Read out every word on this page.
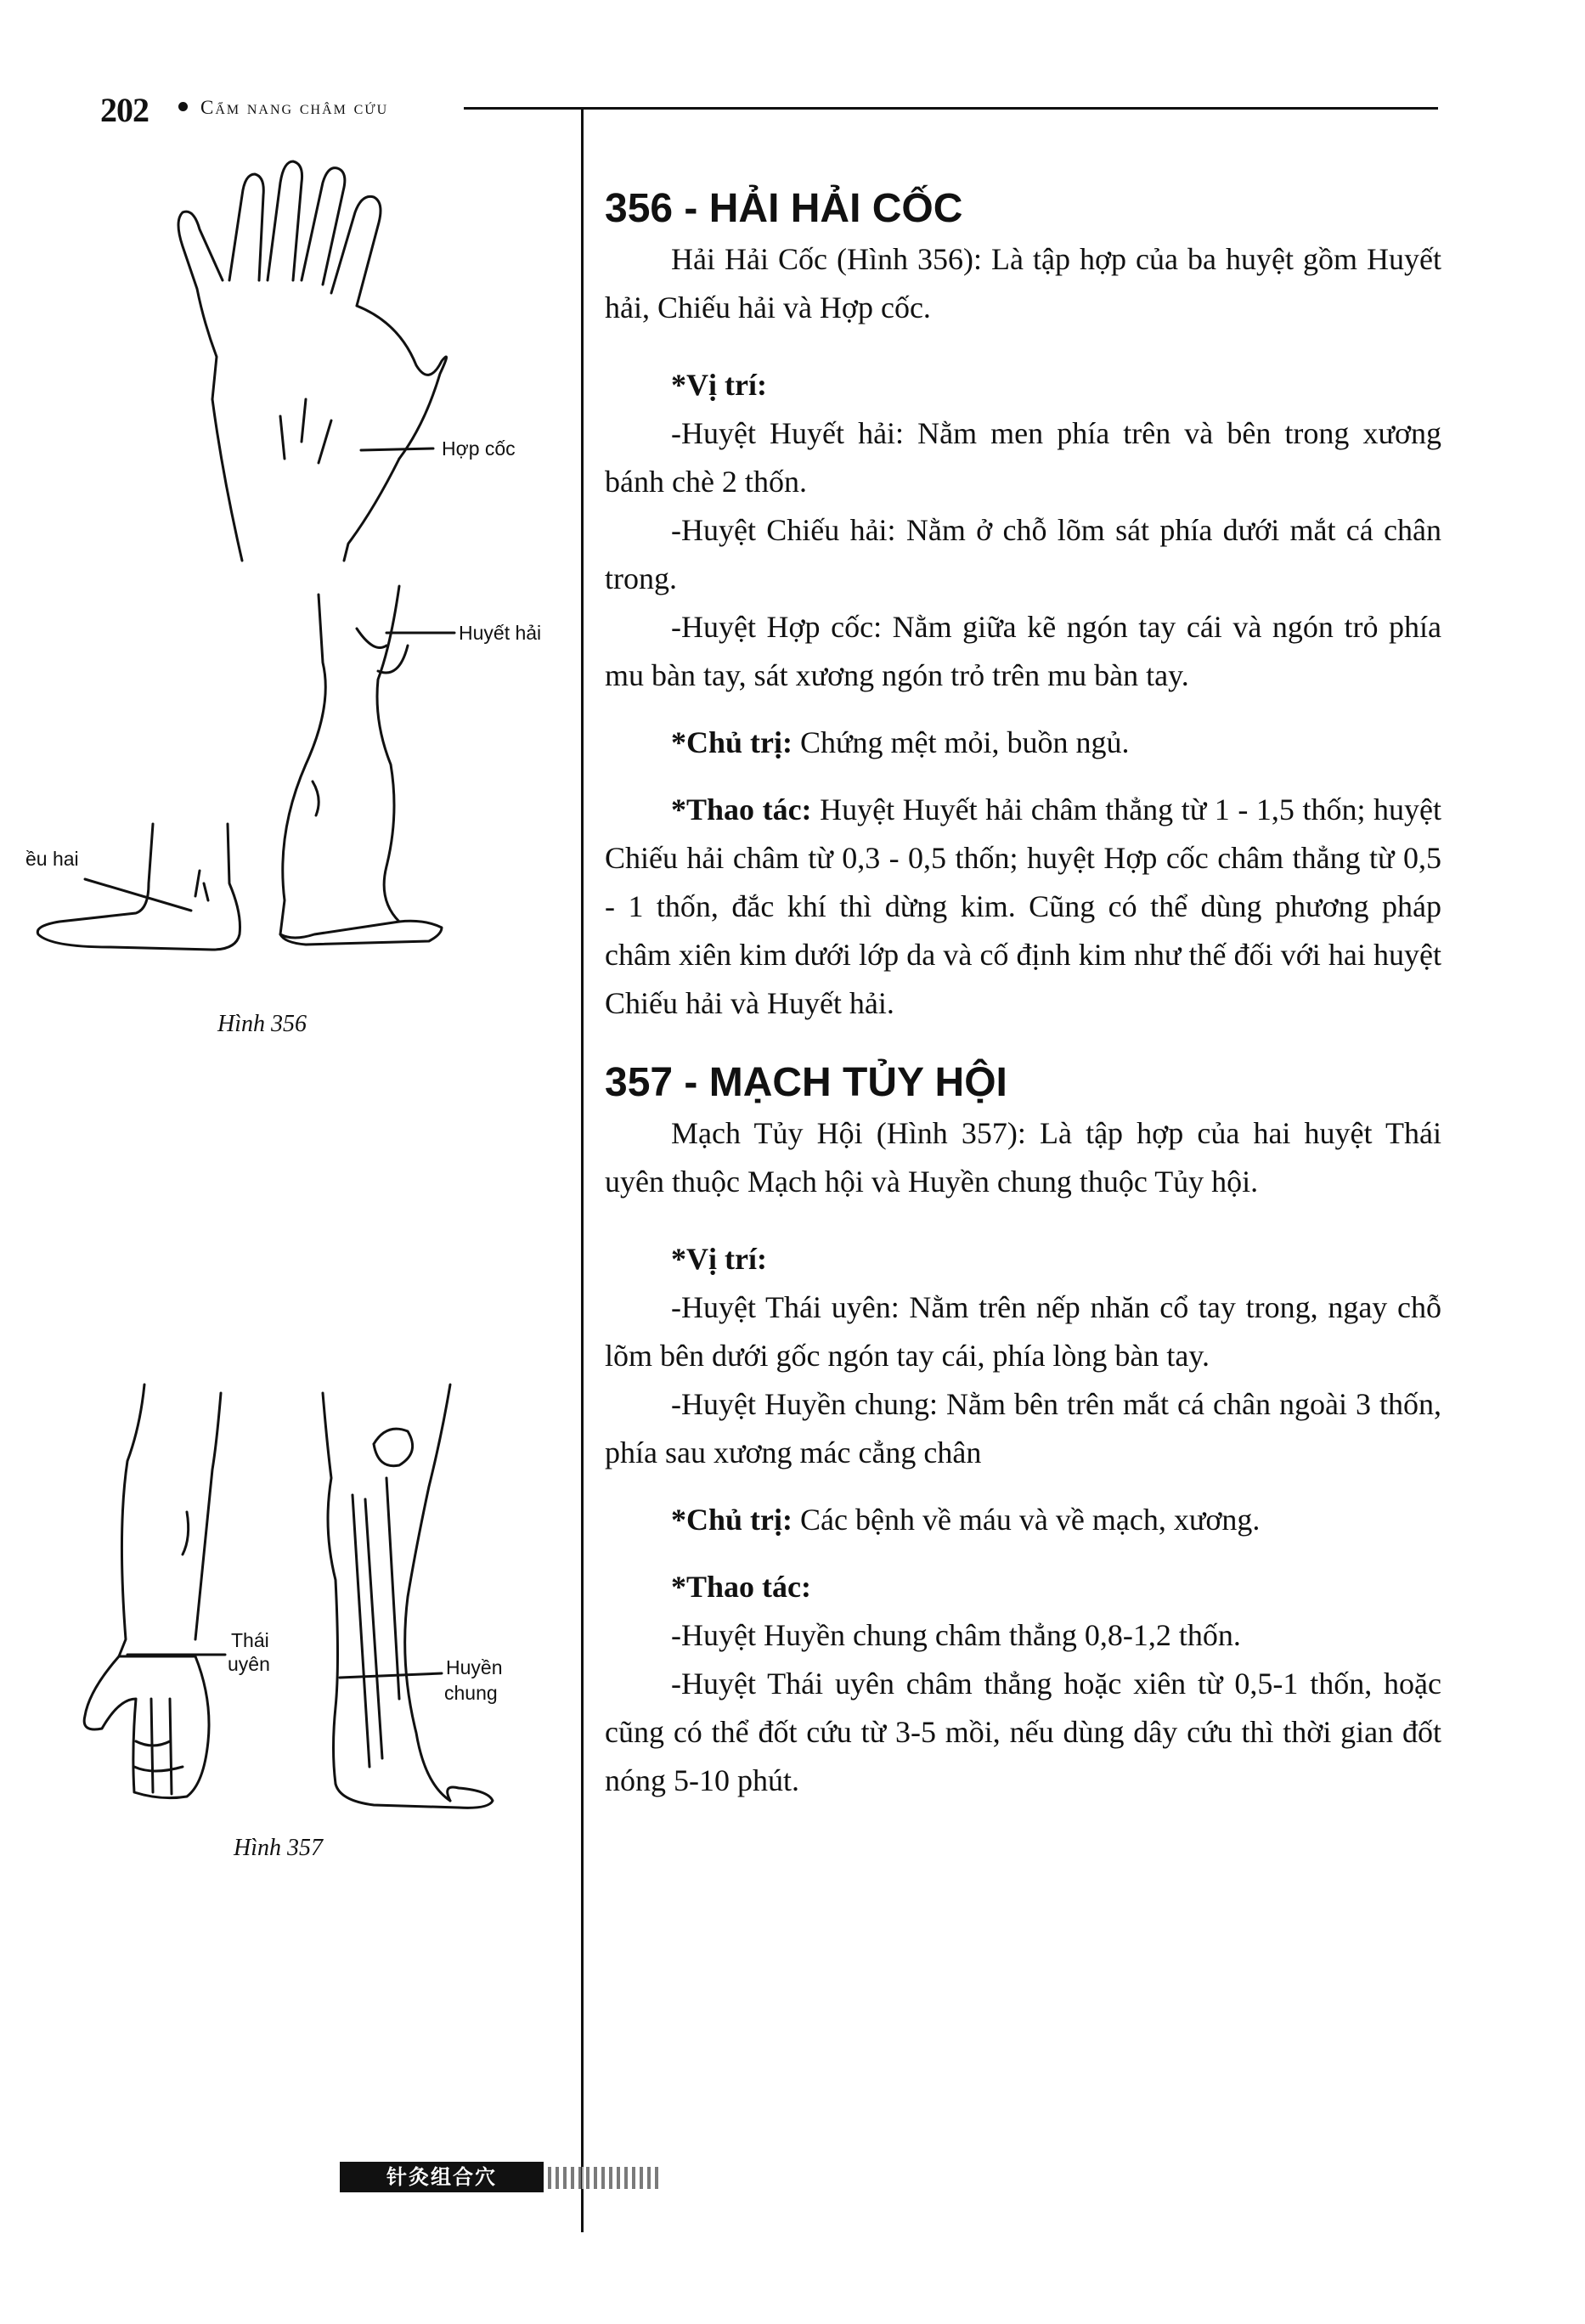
202	Cẩm nang châm cứu
Hợp cốc
Huyết hải
ều hai
Hình 356
Thái
uyên	Huyền
chung
Hình 357
356 - HẢI HẢI CỐC

Hải Hải Cốc (Hình 356): Là tập hợp của ba huyệt gồm Huyết hải, Chiếu hải và Hợp cốc.

*Vị trí:

-Huyệt Huyết hải: Nằm men phía trên và bên trong xương bánh chè 2 thốn.

-Huyệt Chiếu hải: Nằm ở chỗ lõm sát phía dưới mắt cá chân trong.

-Huyệt Hợp cốc: Nằm giữa kẽ ngón tay cái và ngón trỏ phía mu bàn tay, sát xương ngón trỏ trên mu bàn tay.

*Chủ trị: Chứng mệt mỏi, buồn ngủ.

*Thao tác: Huyệt Huyết hải châm thẳng từ 1 - 1,5 thốn; huyệt Chiếu hải châm từ 0,3 - 0,5 thốn; huyệt Hợp cốc châm thẳng từ 0,5 - 1 thốn, đắc khí thì dừng kim. Cũng có thể dùng phương pháp châm xiên kim dưới lớp da và cố định kim như thế đối với hai huyệt Chiếu hải và Huyết hải.

357 - MẠCH TỦY HỘI

Mạch Tủy Hội (Hình 357): Là tập hợp của hai huyệt Thái uyên thuộc Mạch hội và Huyền chung thuộc Tủy hội.

*Vị trí:

-Huyệt Thái uyên: Nằm trên nếp nhăn cổ tay trong, ngay chỗ lõm bên dưới gốc ngón tay cái, phía lòng bàn tay.

-Huyệt Huyền chung: Nằm bên trên mắt cá chân ngoài 3 thốn, phía sau xương mác cẳng chân

*Chủ trị: Các bệnh về máu và về mạch, xương.

*Thao tác:

-Huyệt Huyền chung châm thẳng 0,8-1,2 thốn.

-Huyệt Thái uyên châm thẳng hoặc xiên từ 0,5-1 thốn, hoặc cũng có thể đốt cứu từ 3-5 mồi, nếu dùng dây cứu thì thời gian đốt nóng 5-10 phút.

针灸组合穴
